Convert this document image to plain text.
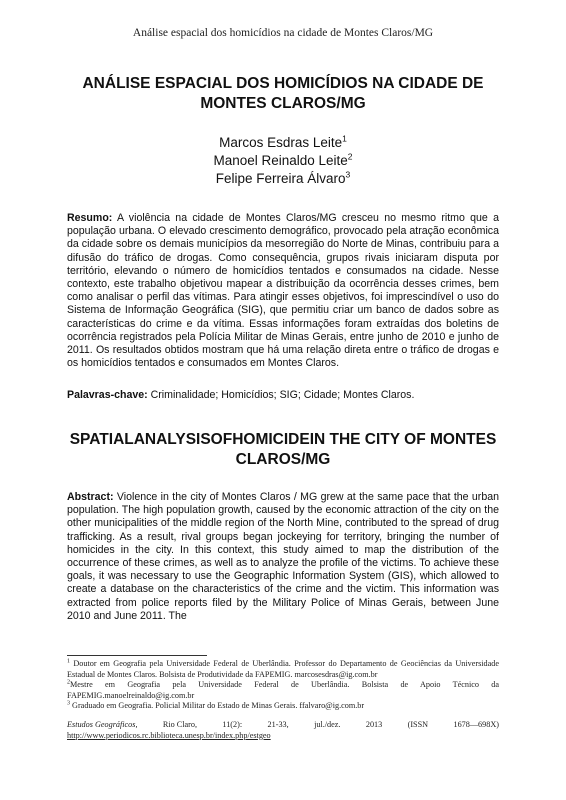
Análise espacial dos homicídios na cidade de Montes Claros/MG
ANÁLISE ESPACIAL DOS HOMICÍDIOS NA CIDADE DE MONTES CLAROS/MG
Marcos Esdras Leite$^1$
Manoel Reinaldo Leite$^2$
Felipe Ferreira Álvaro$^3$
Resumo: A violência na cidade de Montes Claros/MG cresceu no mesmo ritmo que a população urbana. O elevado crescimento demográfico, provocado pela atração econômica da cidade sobre os demais municípios da mesorregião do Norte de Minas, contribuiu para a difusão do tráfico de drogas. Como consequência, grupos rivais iniciaram disputa por território, elevando o número de homicídios tentados e consumados na cidade. Nesse contexto, este trabalho objetivou mapear a distribuição da ocorrência desses crimes, bem como analisar o perfil das vítimas. Para atingir esses objetivos, foi imprescindível o uso do Sistema de Informação Geográfica (SIG), que permitiu criar um banco de dados sobre as características do crime e da vítima. Essas informações foram extraídas dos boletins de ocorrência registrados pela Polícia Militar de Minas Gerais, entre junho de 2010 e junho de 2011. Os resultados obtidos mostram que há uma relação direta entre o tráfico de drogas e os homicídios tentados e consumados em Montes Claros.
Palavras-chave: Criminalidade; Homicídios; SIG; Cidade; Montes Claros.
SPATIALANALYSISOFHOMICIDEIN THE CITY OF MONTES CLAROS/MG
Abstract: Violence in the city of Montes Claros / MG grew at the same pace that the urban population. The high population growth, caused by the economic attraction of the city on the other municipalities of the middle region of the North Mine, contributed to the spread of drug trafficking. As a result, rival groups began jockeying for territory, bringing the number of homicides in the city. In this context, this study aimed to map the distribution of the occurrence of these crimes, as well as to analyze the profile of the victims. To achieve these goals, it was necessary to use the Geographic Information System (GIS), which allowed to create a database on the characteristics of the crime and the victim. This information was extracted from police reports filed by the Military Police of Minas Gerais, between June 2010 and June 2011. The

$^1$ Doutor em Geografia pela Universidade Federal de Uberlândia. Professor do Departamento de Geociências da Universidade Estadual de Montes Claros. Bolsista de Produtividade da FAPEMIG. marcosesdras@ig.com.br

$^2$Mestre em Geografia pela Universidade Federal de Uberlândia. Bolsista de Apoio Técnico da FAPEMIG.manoelreinaldo@ig.com.br

$^3$ Graduado em Geografia. Policial Militar do Estado de Minas Gerais. ffalvaro@ig.com.br

Estudos Geográficos,	Rio Claro,	11(2):	21-33,	jul./dez.	2013	(ISSN	1678—698X)
http://www.periodicos.rc.biblioteca.unesp.br/index.php/estgeo
